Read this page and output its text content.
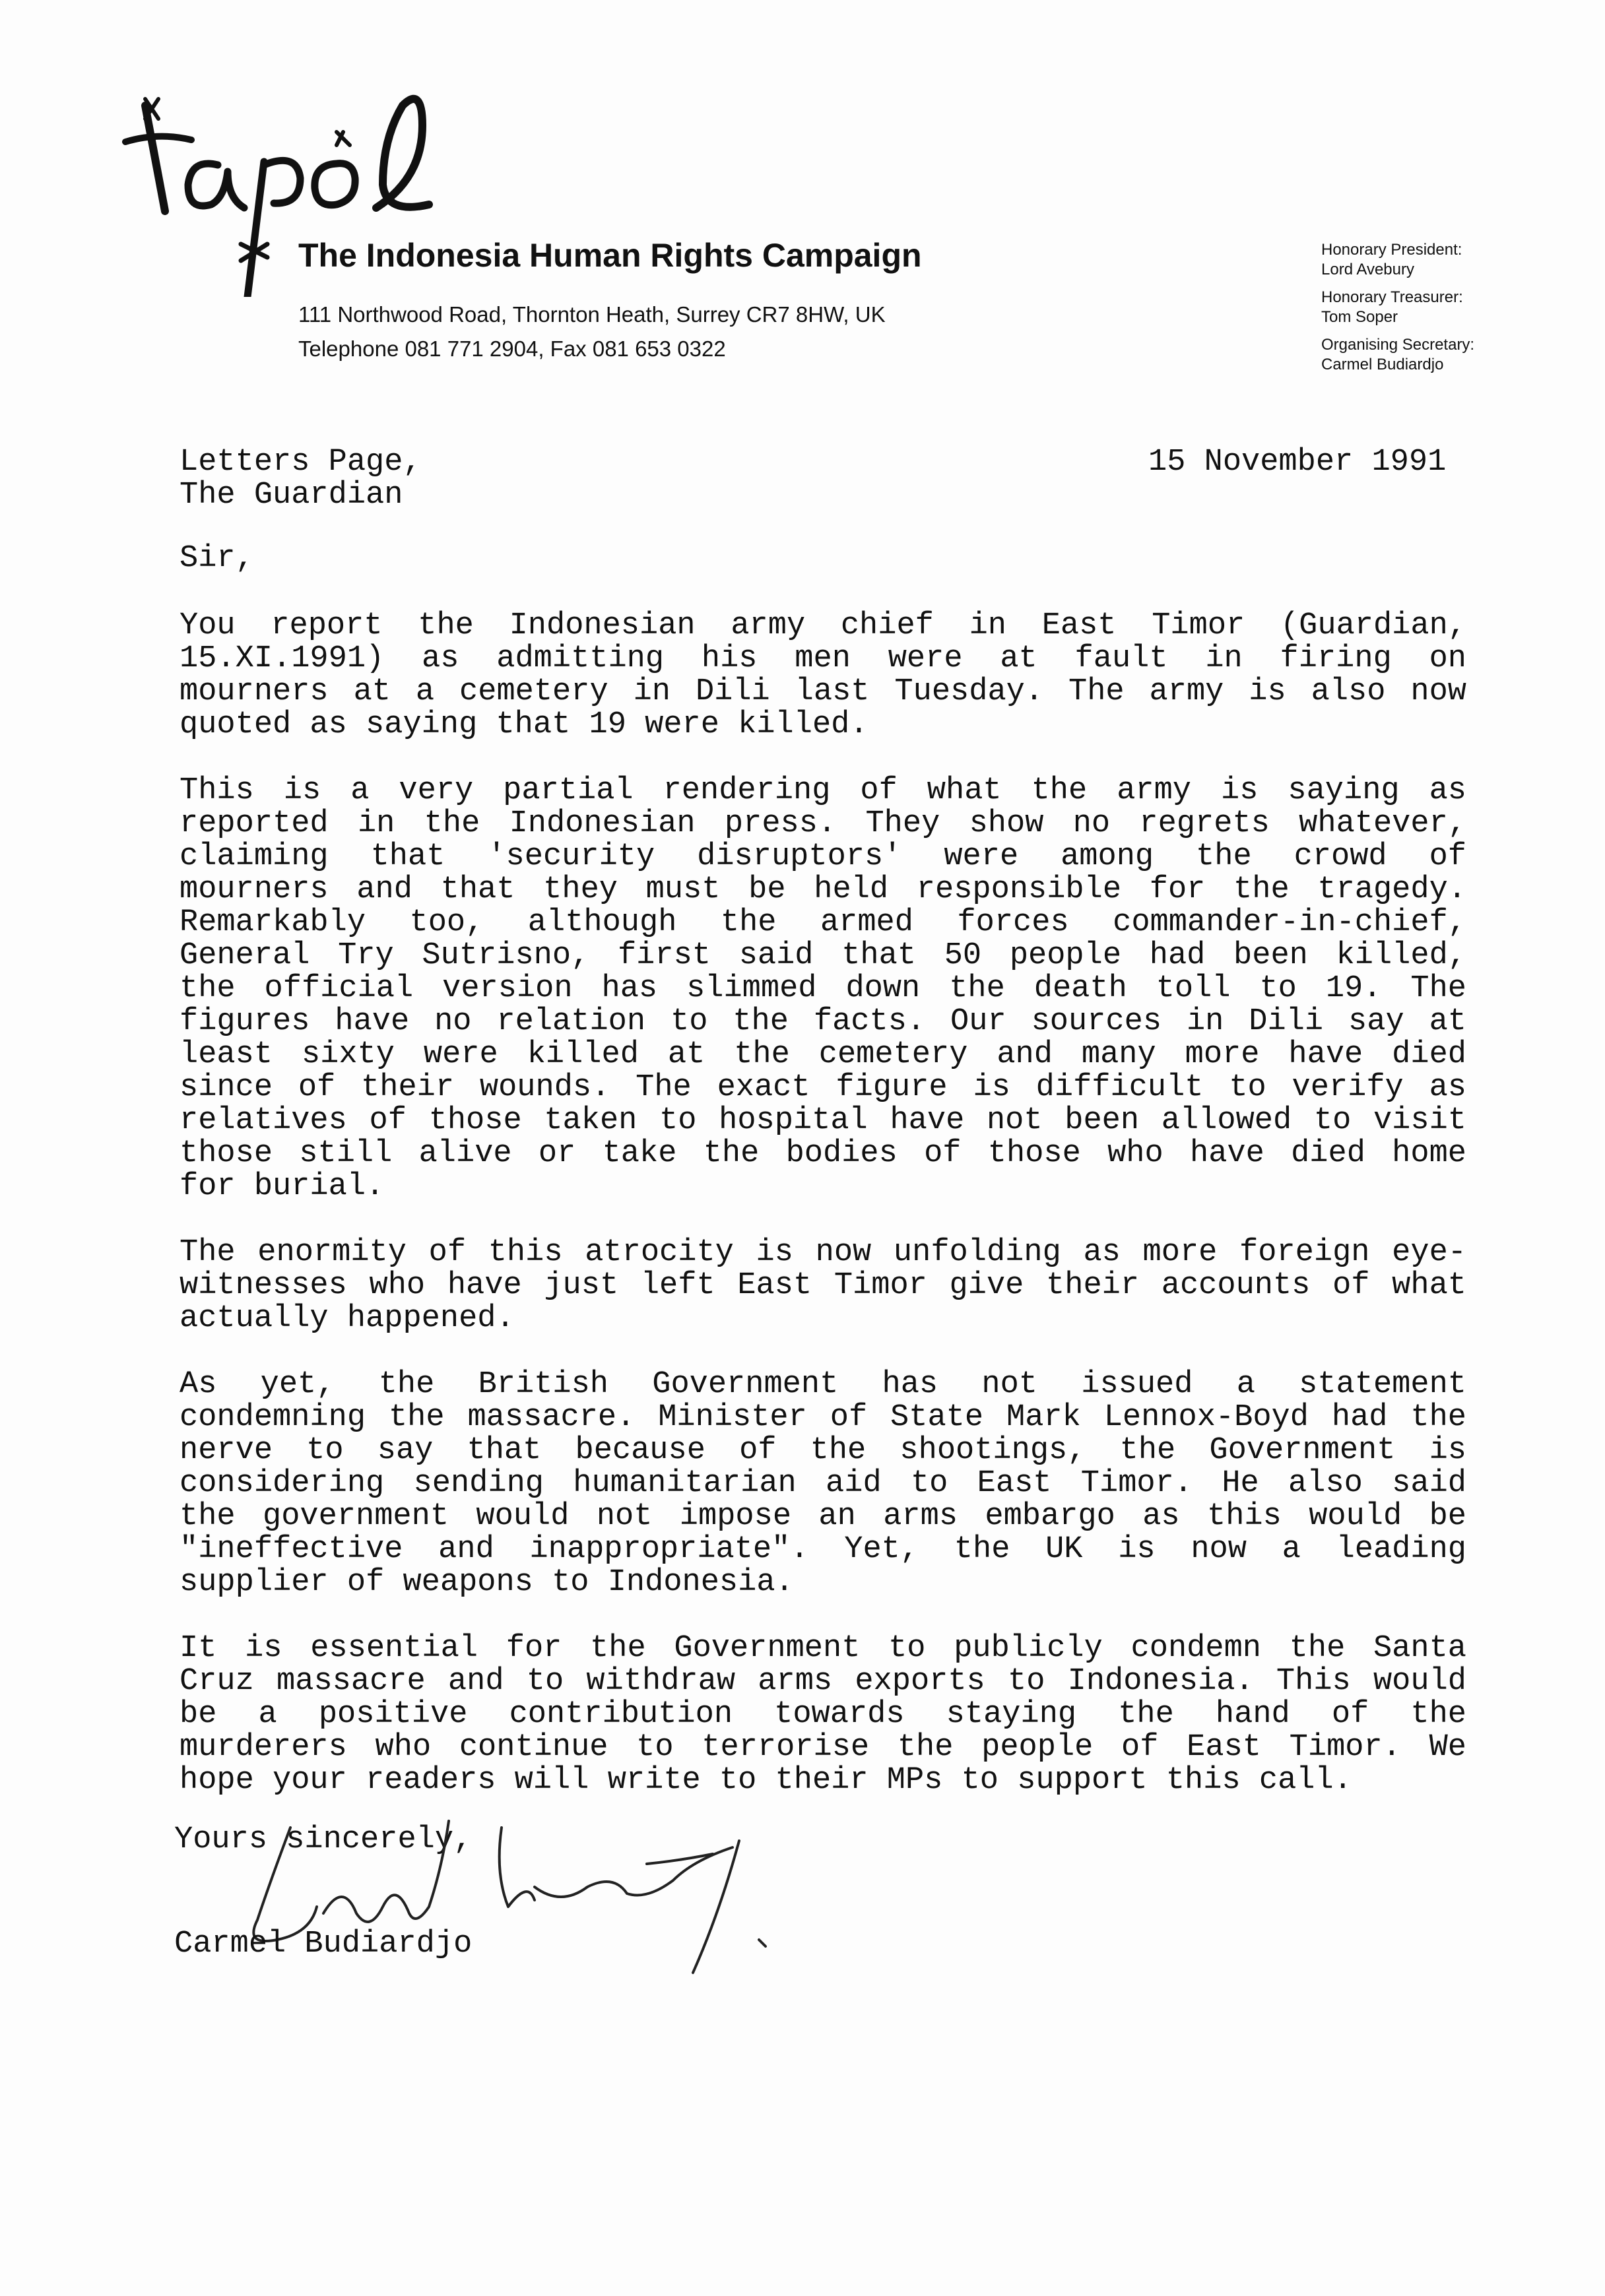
The Indonesia Human Rights Campaign
111 Northwood Road, Thornton Heath, Surrey CR7 8HW, UK
Telephone 081 771 2904, Fax 081 653 0322
Honorary President:
Lord Avebury
Honorary Treasurer:
Tom Soper
Organising Secretary:
Carmel Budiardjo
Letters Page,
The Guardian
15 November 1991
Sir,
You report the Indonesian army chief in East Timor (Guardian,
15.XI.1991) as admitting his men were at fault in firing on
mourners at a cemetery in Dili last Tuesday. The army is also now
quoted as saying that 19 were killed.
This is a very partial rendering of what the army is saying as
reported in the Indonesian press. They show no regrets whatever,
claiming that 'security disruptors' were among the crowd of
mourners and that they must be held responsible for the tragedy.
Remarkably too, although the armed forces commander-in-chief,
General Try Sutrisno, first said that 50 people had been killed,
the official version has slimmed down the death toll to 19. The
figures have no relation to the facts. Our sources in Dili say at
least sixty were killed at the cemetery and many more have died
since of their wounds. The exact figure is difficult to verify as
relatives of those taken to hospital have not been allowed to visit
those still alive or take the bodies of those who have died home
for burial.
The enormity of this atrocity is now unfolding as more foreign eye-
witnesses who have just left East Timor give their accounts of what
actually happened.
As yet, the British Government has not issued a statement
condemning the massacre. Minister of State Mark Lennox-Boyd had the
nerve to say that because of the shootings, the Government is
considering sending humanitarian aid to East Timor. He also said
the government would not impose an arms embargo as this would be
"ineffective and inappropriate". Yet, the UK is now a leading
supplier of weapons to Indonesia.
It is essential for the Government to publicly condemn the Santa
Cruz massacre and to withdraw arms exports to Indonesia. This would
be a positive contribution towards staying the hand of the
murderers who continue to terrorise the people of East Timor. We
hope your readers will write to their MPs to support this call.
Yours sincerely,
Carmel Budiardjo
